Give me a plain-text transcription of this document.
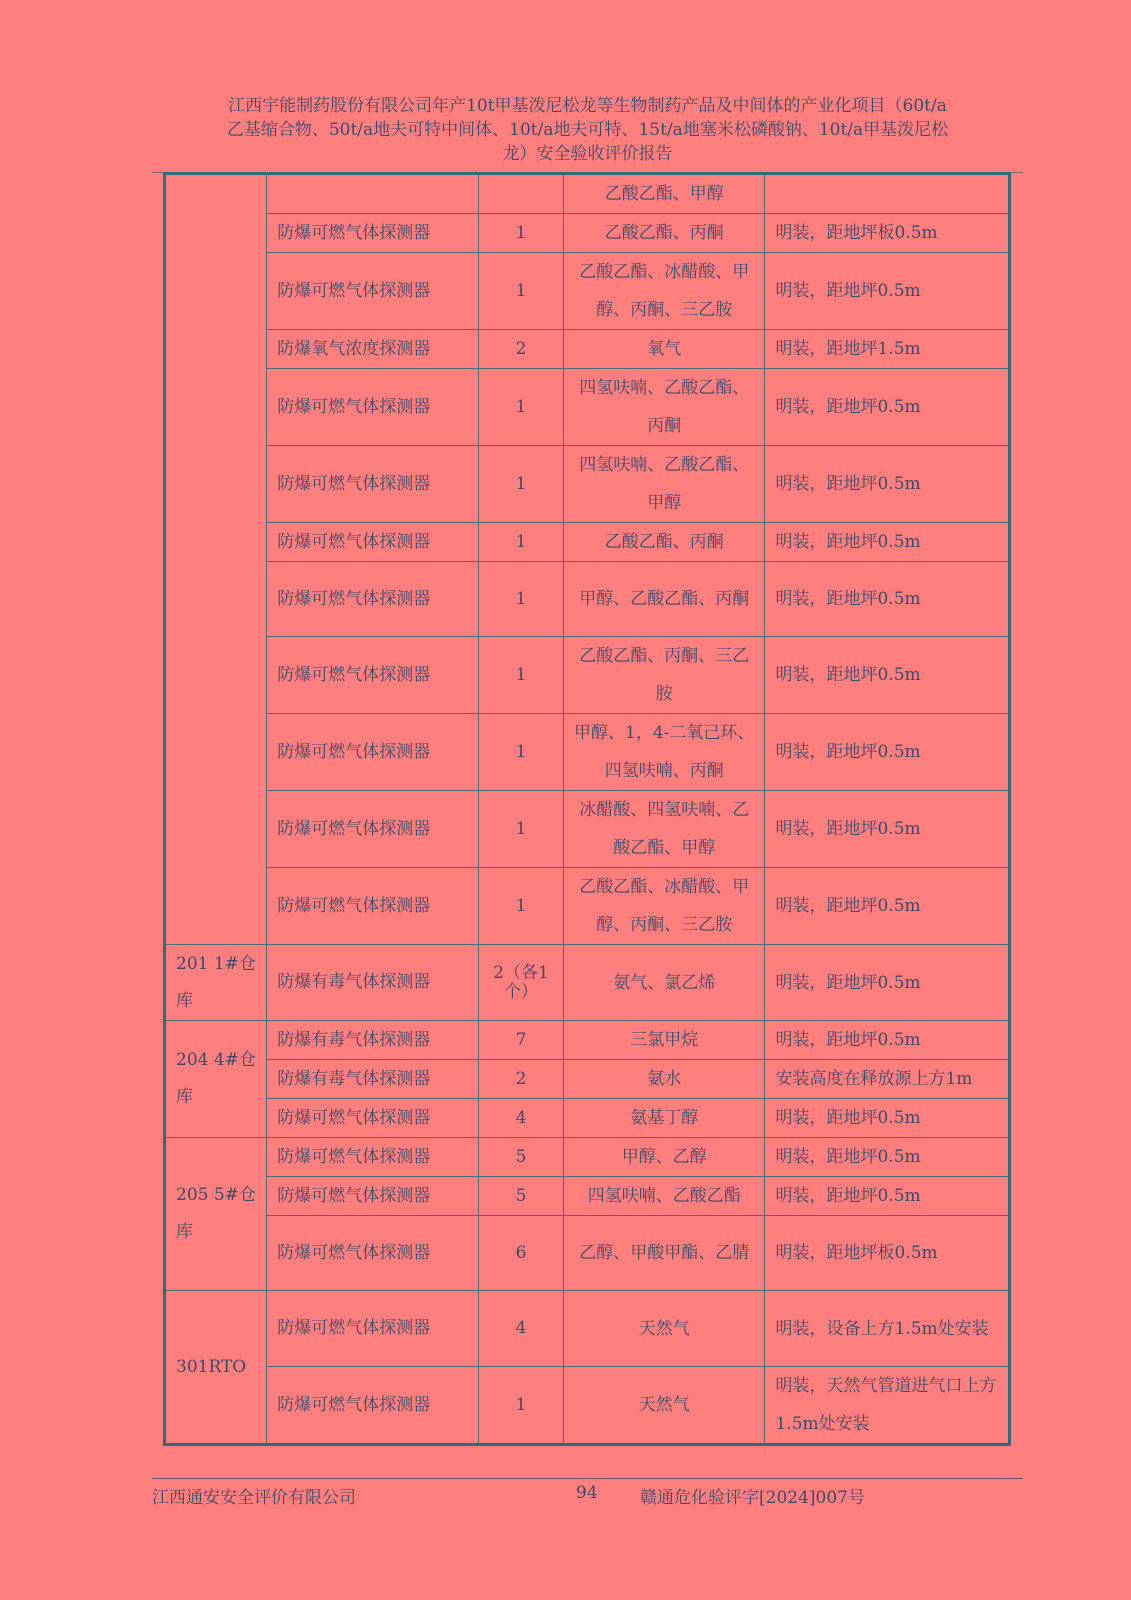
江西宇能制药股份有限公司年产10t甲基泼尼松龙等生物制药产品及中间体的产业化项目（60t/a
乙基缩合物、50t/a地夫可特中间体、10t/a地夫可特、15t/a地塞米松磷酸钠、10t/a甲基泼尼松
龙）安全验收评价报告
			乙酸乙酯、甲醇	
	防爆可燃气体探测器	1	乙酸乙酯、丙酮	明装，距地坪板0.5m
	防爆可燃气体探测器	1	乙酸乙酯、冰醋酸、甲醇、丙酮、三乙胺	明装，距地坪0.5m
	防爆氧气浓度探测器	2	氧气	明装，距地坪1.5m
	防爆可燃气体探测器	1	四氢呋喃、乙酸乙酯、丙酮	明装，距地坪0.5m
	防爆可燃气体探测器	1	四氢呋喃、乙酸乙酯、甲醇	明装，距地坪0.5m
	防爆可燃气体探测器	1	乙酸乙酯、丙酮	明装，距地坪0.5m
	防爆可燃气体探测器	1	甲醇、乙酸乙酯、丙酮	明装，距地坪0.5m
	防爆可燃气体探测器	1	乙酸乙酯、丙酮、三乙胺	明装，距地坪0.5m
	防爆可燃气体探测器	1	甲醇、1，4-二氧己环、四氢呋喃、丙酮	明装，距地坪0.5m
	防爆可燃气体探测器	1	冰醋酸、四氢呋喃、乙酸乙酯、甲醇	明装，距地坪0.5m
	防爆可燃气体探测器	1	乙酸乙酯、冰醋酸、甲醇、丙酮、三乙胺	明装，距地坪0.5m
201 1#仓库	防爆有毒气体探测器	2（各1个）	氨气、氯乙烯	明装，距地坪0.5m
204 4#仓库	防爆有毒气体探测器	7	三氯甲烷	明装，距地坪0.5m
	防爆有毒气体探测器	2	氨水	安装高度在释放源上方1m
	防爆可燃气体探测器	4	氨基丁醇	明装，距地坪0.5m
205 5#仓库	防爆可燃气体探测器	5	甲醇、乙醇	明装，距地坪0.5m
	防爆可燃气体探测器	5	四氢呋喃、乙酸乙酯	明装，距地坪0.5m
	防爆可燃气体探测器	6	乙醇、甲酸甲酯、乙腈	明装，距地坪板0.5m
301RTO	防爆可燃气体探测器	4	天然气	明装，设备上方1.5m处安装
	防爆可燃气体探测器	1	天然气	明装，天然气管道进气口上方1.5m处安装
江西通安安全评价有限公司	94 赣通危化验评字[2024]007号
